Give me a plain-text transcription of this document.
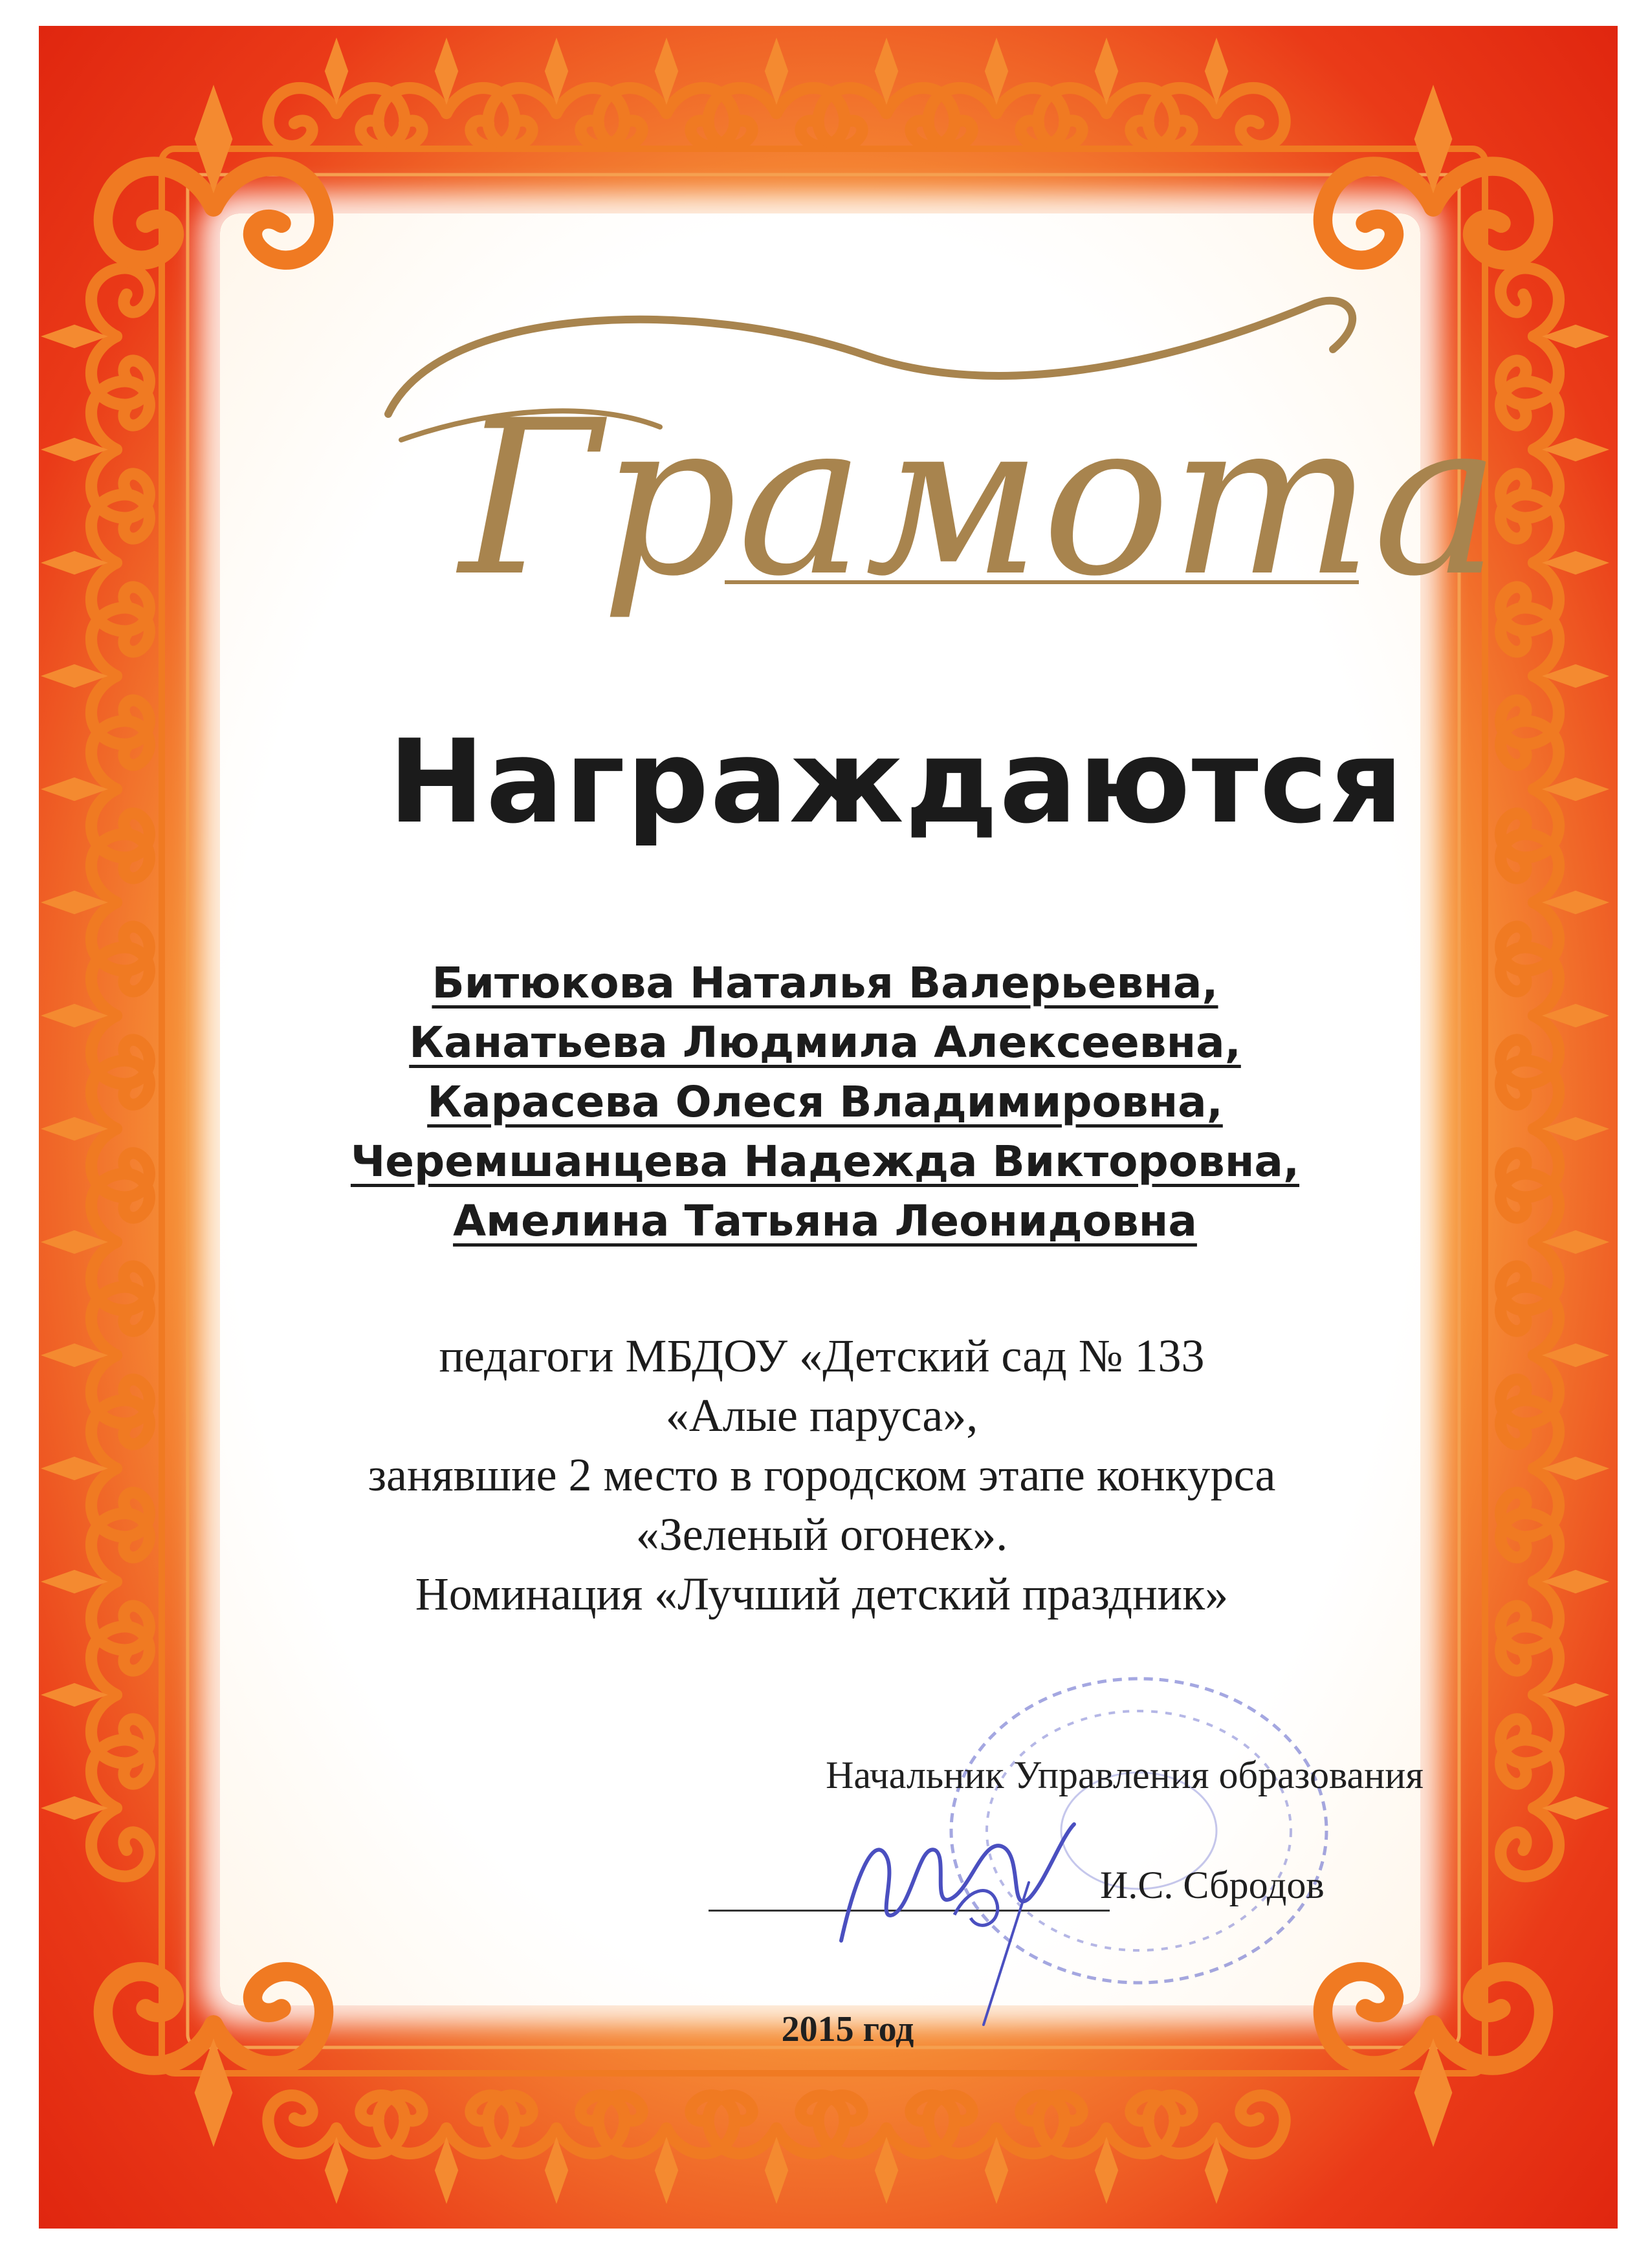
Грамота
Награждаются
Битюкова Наталья Валерьевна,
Канатьева Людмила Алексеевна,
Карасева Олеся Владимировна,
Черемшанцева Надежда Викторовна,
Амелина Татьяна Леонидовна
педагоги МБДОУ «Детский сад № 133
«Алые паруса»,
занявшие 2 место в городском этапе конкурса
«Зеленый огонек».
Номинация «Лучший детский праздник»
Начальник Управления образования
И.С. Сбродов
2015 год
